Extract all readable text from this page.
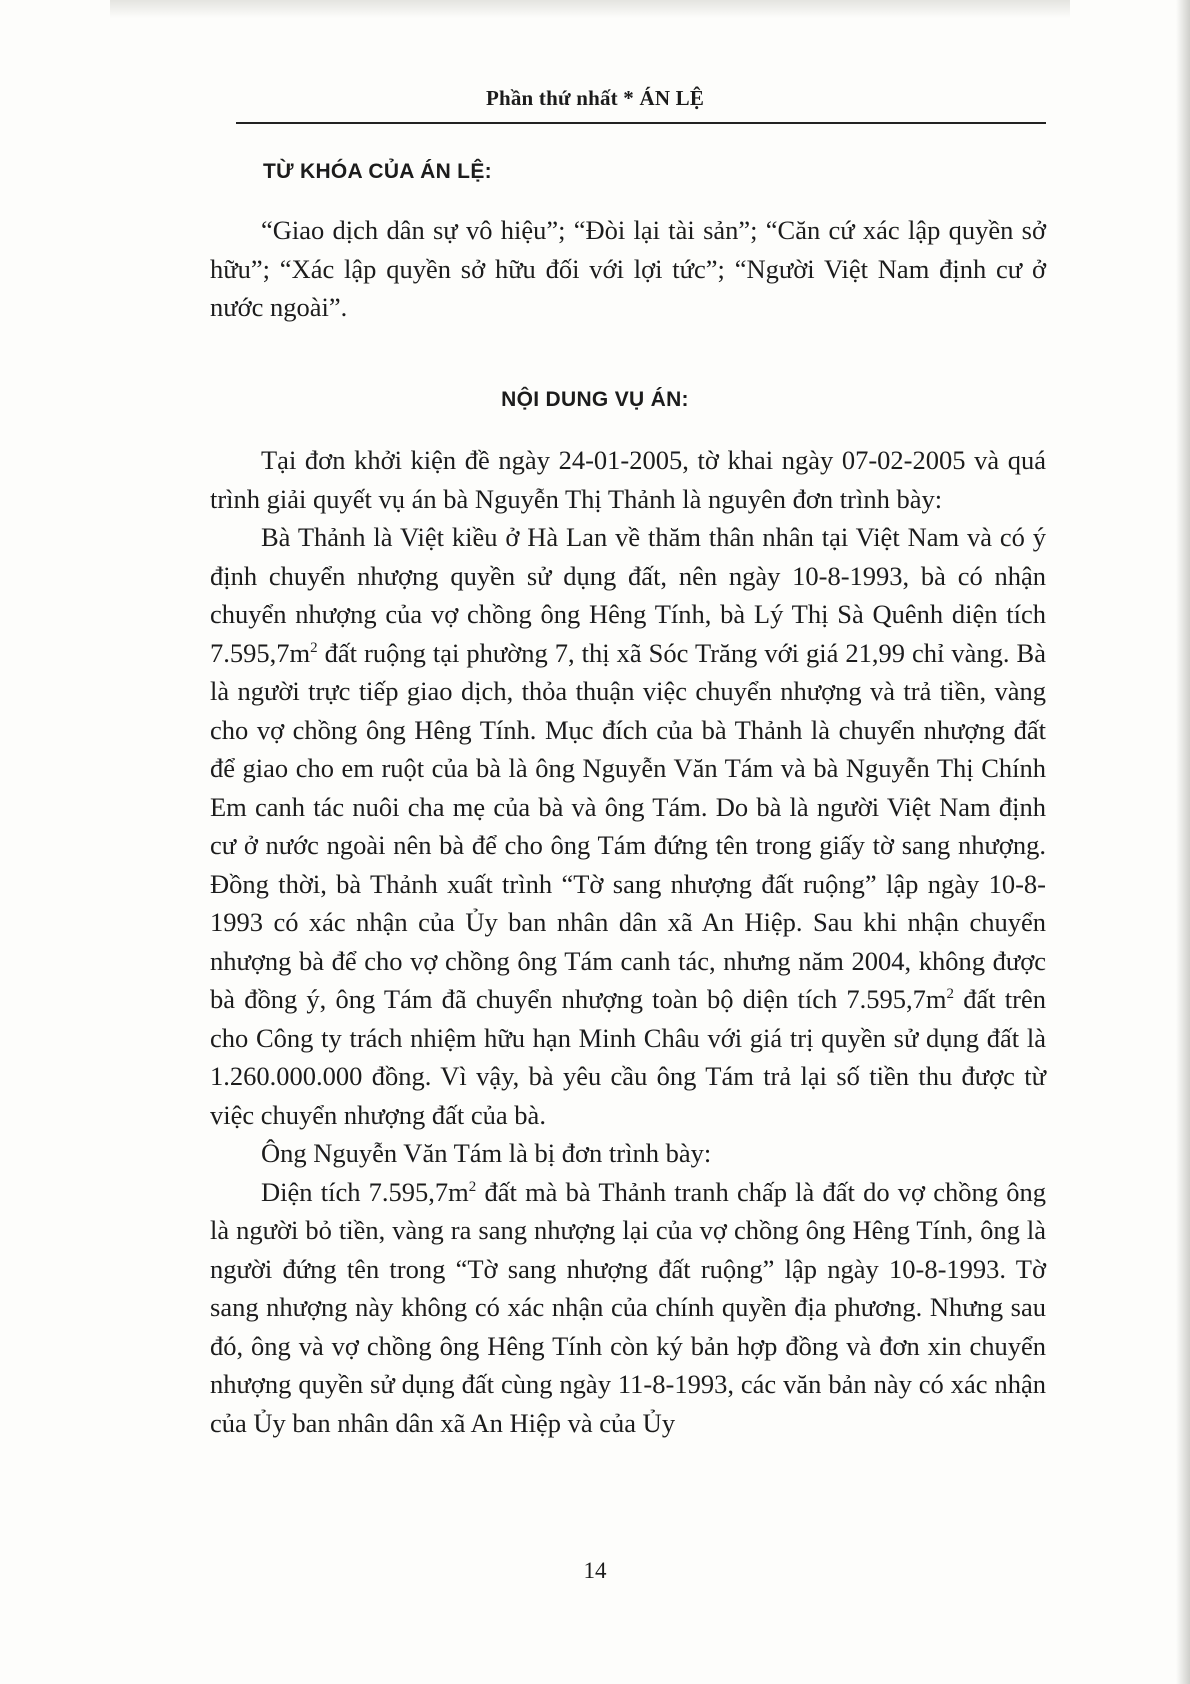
Phần thứ nhất * ÁN LỆ
TỪ KHÓA CỦA ÁN LỆ:

“Giao dịch dân sự vô hiệu”; “Đòi lại tài sản”; “Căn cứ xác lập quyền sở hữu”; “Xác lập quyền sở hữu đối với lợi tức”; “Người Việt Nam định cư ở nước ngoài”.

NỘI DUNG VỤ ÁN:

Tại đơn khởi kiện đề ngày 24-01-2005, tờ khai ngày 07-02-2005 và quá trình giải quyết vụ án bà Nguyễn Thị Thảnh là nguyên đơn trình bày:

Bà Thảnh là Việt kiều ở Hà Lan về thăm thân nhân tại Việt Nam và có ý định chuyển nhượng quyền sử dụng đất, nên ngày 10-8-1993, bà có nhận chuyển nhượng của vợ chồng ông Hêng Tính, bà Lý Thị Sà Quênh diện tích $7.595,7m^2$ đất ruộng tại phường 7, thị xã Sóc Trăng với giá 21,99 chỉ vàng. Bà là người trực tiếp giao dịch, thỏa thuận việc chuyển nhượng và trả tiền, vàng cho vợ chồng ông Hêng Tính. Mục đích của bà Thảnh là chuyển nhượng đất để giao cho em ruột của bà là ông Nguyễn Văn Tám và bà Nguyễn Thị Chính Em canh tác nuôi cha mẹ của bà và ông Tám. Do bà là người Việt Nam định cư ở nước ngoài nên bà để cho ông Tám đứng tên trong giấy tờ sang nhượng. Đồng thời, bà Thảnh xuất trình “Tờ sang nhượng đất ruộng” lập ngày 10-8-1993 có xác nhận của Ủy ban nhân dân xã An Hiệp. Sau khi nhận chuyển nhượng bà để cho vợ chồng ông Tám canh tác, nhưng năm 2004, không được bà đồng ý, ông Tám đã chuyển nhượng toàn bộ diện tích $7.595,7m^2$ đất trên cho Công ty trách nhiệm hữu hạn Minh Châu với giá trị quyền sử dụng đất là 1.260.000.000 đồng. Vì vậy, bà yêu cầu ông Tám trả lại số tiền thu được từ việc chuyển nhượng đất của bà.

Ông Nguyễn Văn Tám là bị đơn trình bày:

Diện tích $7.595,7m^2$ đất mà bà Thảnh tranh chấp là đất do vợ chồng ông là người bỏ tiền, vàng ra sang nhượng lại của vợ chồng ông Hêng Tính, ông là người đứng tên trong “Tờ sang nhượng đất ruộng” lập ngày 10-8-1993. Tờ sang nhượng này không có xác nhận của chính quyền địa phương. Nhưng sau đó, ông và vợ chồng ông Hêng Tính còn ký bản hợp đồng và đơn xin chuyển nhượng quyền sử dụng đất cùng ngày 11-8-1993, các văn bản này có xác nhận của Ủy ban nhân dân xã An Hiệp và của Ủy

14
